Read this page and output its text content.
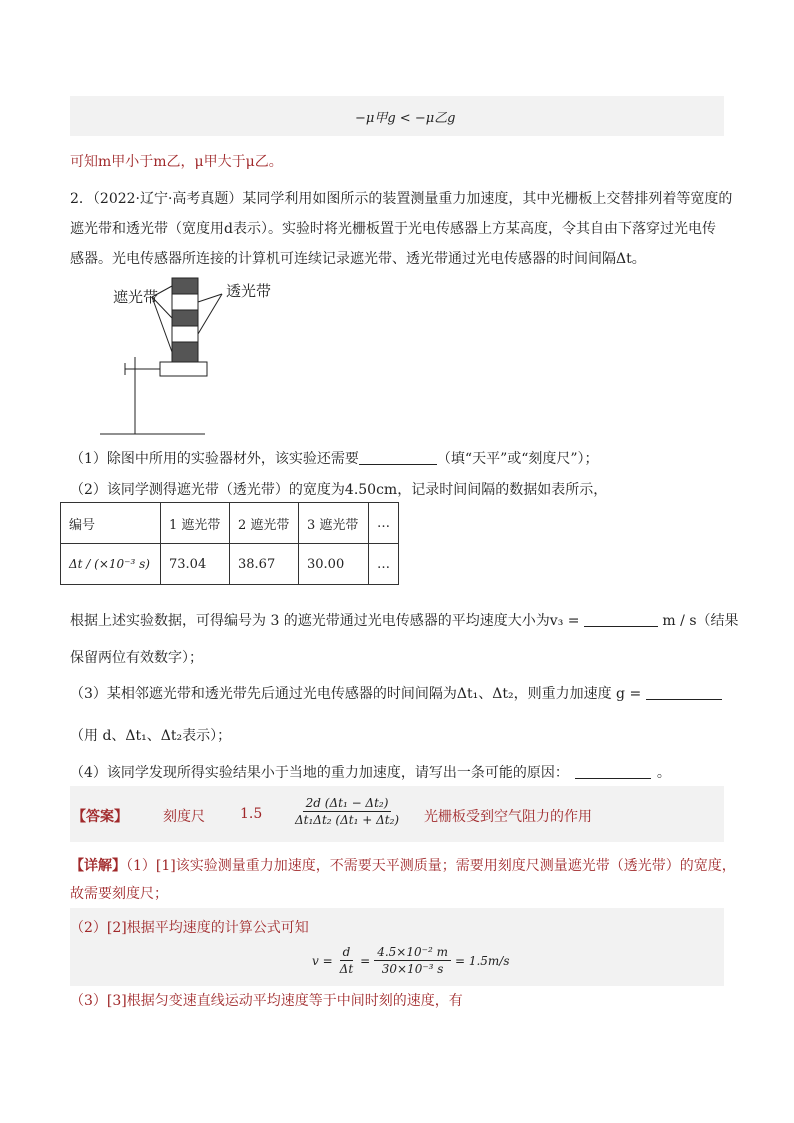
−μ甲g < −μ乙g
可知m甲小于m乙，μ甲大于μ乙。
2．（2022·辽宁·高考真题）某同学利用如图所示的装置测量重力加速度，其中光栅板上交替排列着等宽度的
遮光带和透光带（宽度用d表示）。实验时将光栅板置于光电传感器上方某高度，令其自由下落穿过光电传
感器。光电传感器所连接的计算机可连续记录遮光带、透光带通过光电传感器的时间间隔Δt。
遮光带	透光带
（1）除图中所用的实验器材外，该实验还需要	（填“天平”或“刻度尺”）；
（2）该同学测得遮光带（透光带）的宽度为4.50cm，记录时间间隔的数据如表所示，
编号	1 遮光带	2 遮光带	3 遮光带	…
Δt / (×10⁻³ s)	73.04	38.67	30.00	…
根据上述实验数据，可得编号为 3 的遮光带通过光电传感器的平均速度大小为v₃ =	m / s（结果
保留两位有效数字）；
（3）某相邻遮光带和透光带先后通过光电传感器的时间间隔为Δt₁、Δt₂，则重力加速度 g =
（用 d、Δt₁、Δt₂表示）；
（4）该同学发现所得实验结果小于当地的重力加速度，请写出一条可能的原因：	。
【答案】	刻度尺	$1.5 \frac{\text{2d (Δt₁ − Δt₂)}}{\text{Δt₁Δt₂ (Δt₁ + Δt₂)}}$ 光栅板受到空气阻力的作用
【详解】（1）[1]该实验测量重力加速度，不需要天平测质量；需要用刻度尺测量遮光带（透光带）的宽度，
故需要刻度尺；
（2）[2]根据平均速度的计算公式可知
$v = \frac{d}{\Delta t} = \frac{\text{4.5×10⁻² m}}{\text{30×10⁻³ s}} = 1.5m/s$
（3）[3]根据匀变速直线运动平均速度等于中间时刻的速度，有
